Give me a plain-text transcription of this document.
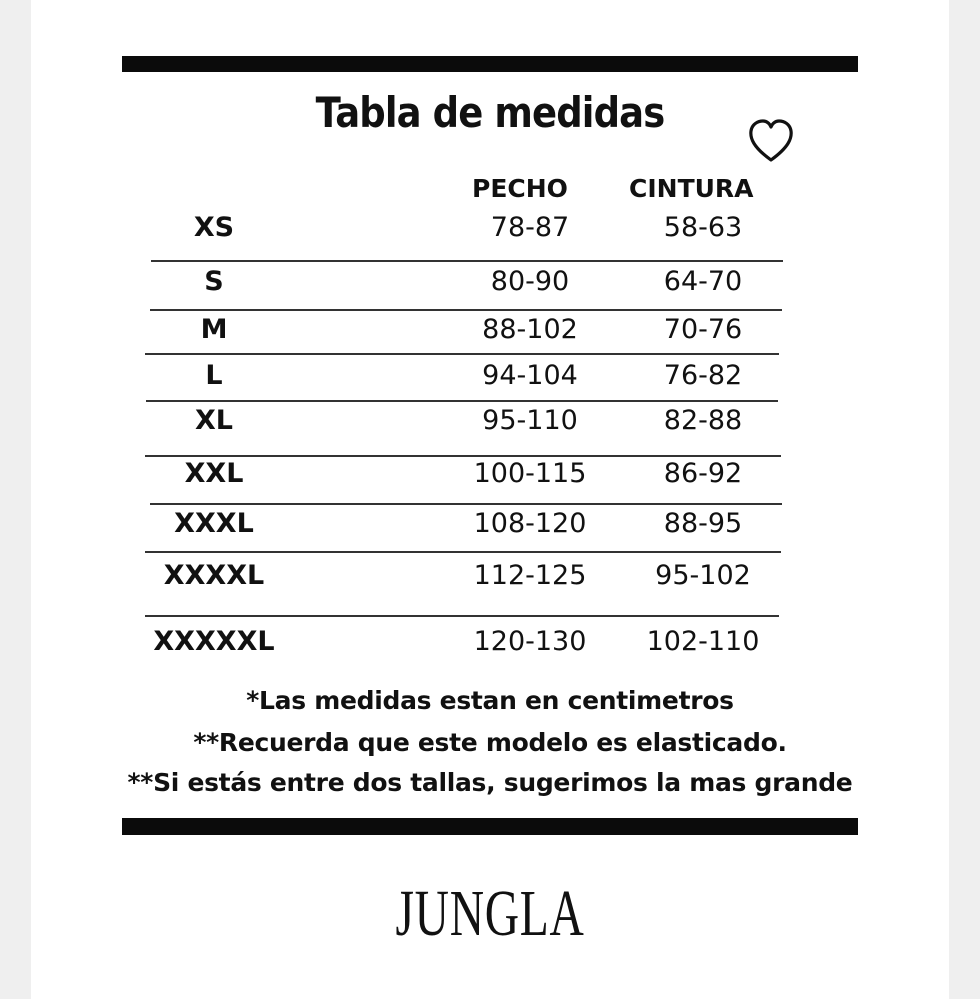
Tabla de medidas
PECHO CINTURA
XS	78-87	58-63
S	80-90	64-70
M	88-102	70-76
L	94-104	76-82
XL	95-110	82-88
XXL	100-115	86-92
XXXL	108-120	88-95
XXXXL	112-125	95-102
XXXXXL	120-130 102-110
*Las medidas estan en centimetros
**Recuerda que este modelo es elasticado.
**Si estás entre dos tallas, sugerimos la mas grande
JUNGLA
